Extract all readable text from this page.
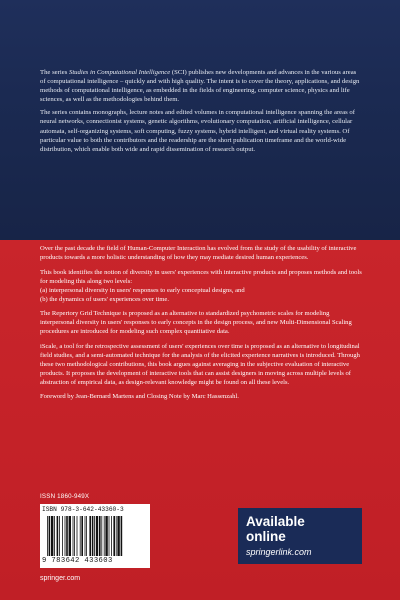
The series Studies in Computational Intelligence (SCI) publishes new developments and advances in the various areas of computational intelligence – quickly and with high quality. The intent is to cover the theory, applications, and design methods of computational intelligence, as embedded in the fields of engineering, computer science, physics and life sciences, as well as the methodologies behind them.

The series contains monographs, lecture notes and edited volumes in computational intelligence spanning the areas of neural networks, connectionist systems, genetic algorithms, evolutionary computation, artificial intelligence, cellular automata, self-organizing systems, soft computing, fuzzy systems, hybrid intelligent, and virtual reality systems. Of particular value to both the contributors and the readership are the short publication timeframe and the world-wide distribution, which enable both wide and rapid dissemination of research output.

Over the past decade the field of Human-Computer Interaction has evolved from the study of the usability of interactive products towards a more holistic understanding of how they may mediate desired human experiences.

This book identifies the notion of diversity in users' experiences with interactive products and proposes methods and tools for modeling this along two levels:
(a) interpersonal diversity in users' responses to early conceptual designs, and
(b) the dynamics of users' experiences over time.

The Repertory Grid Technique is proposed as an alternative to standardized psychometric scales for modeling interpersonal diversity in users' responses to early concepts in the design process, and new Multi-Dimensional Scaling procedures are introduced for modeling such complex quantitative data.

iScale, a tool for the retrospective assessment of users' experiences over time is proposed as an alternative to longitudinal field studies, and a semi-automated technique for the analysis of the elicited experience narratives is introduced. Through these two methodological contributions, this book argues against averaging in the subjective evaluation of interactive products. It proposes the development of interactive tools that can assist designers in moving across multiple levels of abstraction of empirical data, as design-relevant knowledge might be found on all these levels.

Foreword by Jean-Bernard Martens and Closing Note by Marc Hassenzahl.

ISSN 1860-949X
ISBN 978-3-642-43360-3
9 783642 433603
Available
online
springerlink.com
springer.com
